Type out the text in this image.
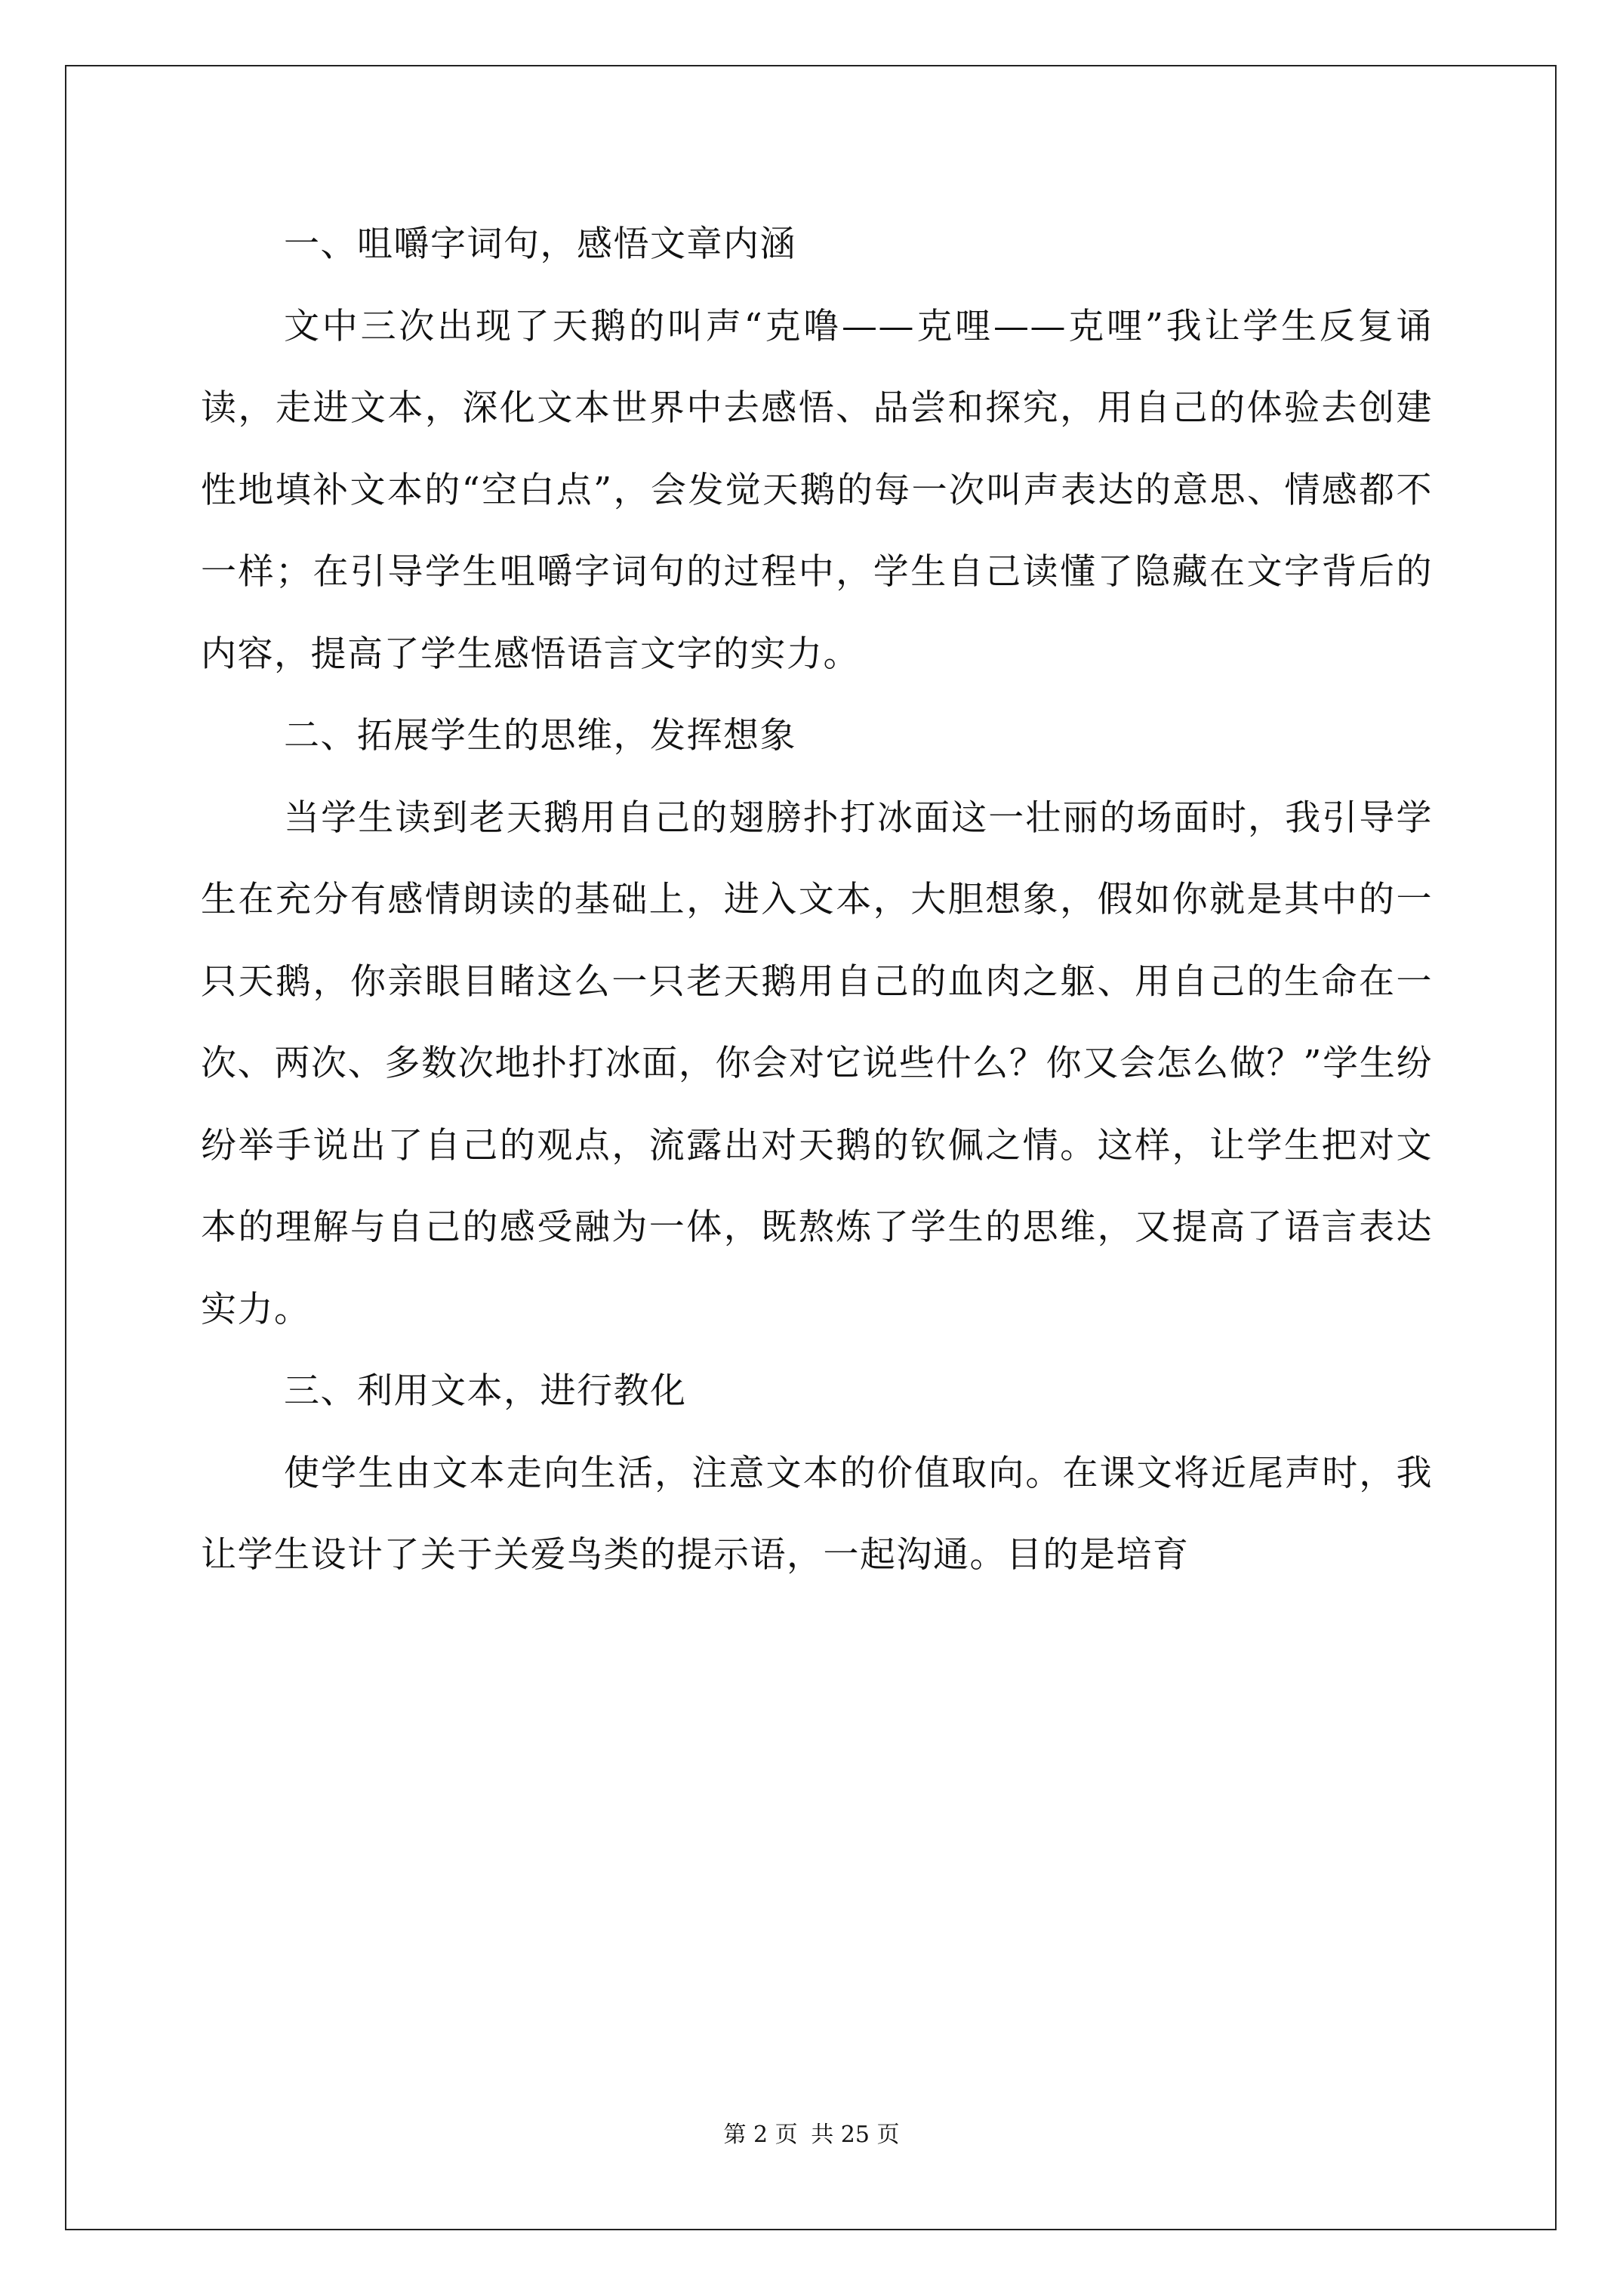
一、咀嚼字词句，感悟文章内涵

文中三次出现了天鹅的叫声“克噜——克哩——克哩”我让学生反复诵读，走进文本，深化文本世界中去感悟、品尝和探究，用自己的体验去创建性地填补文本的“空白点”，会发觉天鹅的每一次叫声表达的意思、情感都不一样；在引导学生咀嚼字词句的过程中，学生自己读懂了隐藏在文字背后的内容，提高了学生感悟语言文字的实力。

二、拓展学生的思维，发挥想象

当学生读到老天鹅用自己的翅膀扑打冰面这一壮丽的场面时，我引导学生在充分有感情朗读的基础上，进入文本，大胆想象，假如你就是其中的一只天鹅，你亲眼目睹这么一只老天鹅用自己的血肉之躯、用自己的生命在一次、两次、多数次地扑打冰面，你会对它说些什么？你又会怎么做？”学生纷纷举手说出了自己的观点，流露出对天鹅的钦佩之情。这样，让学生把对文本的理解与自己的感受融为一体，既熬炼了学生的思维，又提高了语言表达实力。

三、利用文本，进行教化

使学生由文本走向生活，注意文本的价值取向。在课文将近尾声时，我让学生设计了关于关爱鸟类的提示语，一起沟通。目的是培育

第 2 页 共 25 页
